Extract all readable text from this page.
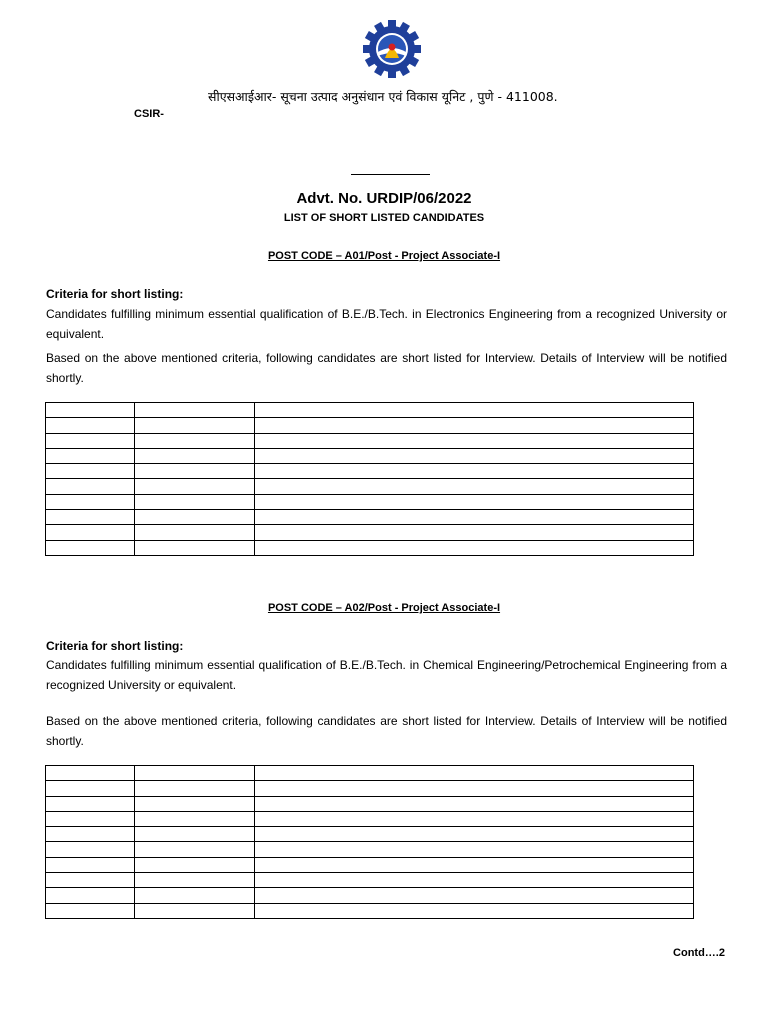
सीएसआईआर- सूचना उत्पाद अनुसंधान एवं विकास यूनिट , पुणे - 411008.
CSIR-
Advt. No. URDIP/06/2022
LIST OF SHORT LISTED CANDIDATES
POST CODE – A01/Post - Project Associate-I
Criteria for short listing:
Candidates fulfilling minimum essential qualification of B.E./B.Tech. in Electronics Engineering from a recognized University or equivalent.
Based on the above mentioned criteria, following candidates are short listed for Interview. Details of Interview will be notified shortly.

POST CODE – A02/Post - Project Associate-I
Criteria for short listing:
Candidates fulfilling minimum essential qualification of B.E./B.Tech. in Chemical Engineering/Petrochemical Engineering from a recognized University or equivalent.
Based on the above mentioned criteria, following candidates are short listed for Interview. Details of Interview will be notified shortly.

Contd….2
